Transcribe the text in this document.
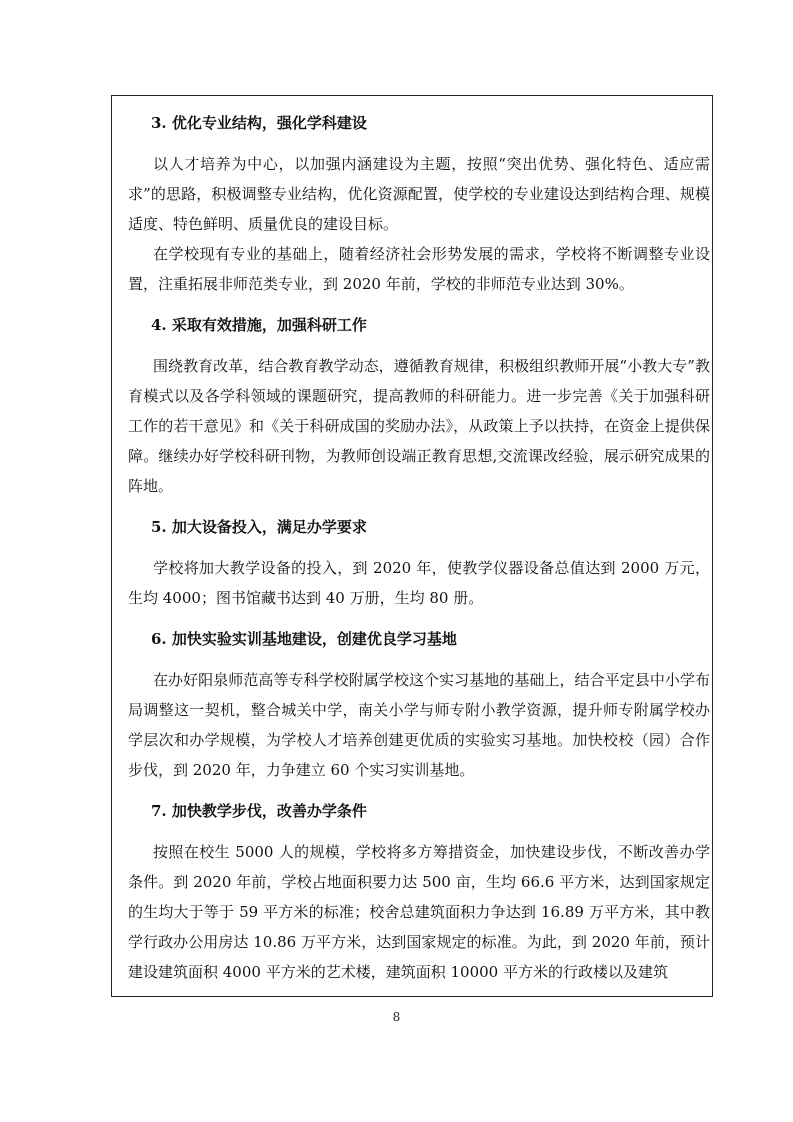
3. 优化专业结构，强化学科建设

以人才培养为中心，以加强内涵建设为主题，按照“突出优势、强化特色、适应需求”的思路，积极调整专业结构，优化资源配置，使学校的专业建设达到结构合理、规模适度、特色鲜明、质量优良的建设目标。

在学校现有专业的基础上，随着经济社会形势发展的需求，学校将不断调整专业设置，注重拓展非师范类专业，到 2020 年前，学校的非师范专业达到 30%。

4. 采取有效措施，加强科研工作

围绕教育改革，结合教育教学动态，遵循教育规律，积极组织教师开展“小教大专”教育模式以及各学科领域的课题研究，提高教师的科研能力。进一步完善《关于加强科研工作的若干意见》和《关于科研成国的奖励办法》，从政策上予以扶持，在资金上提供保障。继续办好学校科研刊物，为教师创设端正教育思想,交流课改经验，展示研究成果的阵地。

5. 加大设备投入，满足办学要求

学校将加大教学设备的投入，到 2020 年，使教学仪器设备总值达到 2000 万元，生均 4000；图书馆藏书达到 40 万册，生均 80 册。

6. 加快实验实训基地建设，创建优良学习基地

在办好阳泉师范高等专科学校附属学校这个实习基地的基础上，结合平定县中小学布局调整这一契机，整合城关中学，南关小学与师专附小教学资源，提升师专附属学校办学层次和办学规模，为学校人才培养创建更优质的实验实习基地。加快校校（园）合作步伐，到 2020 年，力争建立 60 个实习实训基地。

7. 加快教学步伐，改善办学条件

按照在校生 5000 人的规模，学校将多方筹措资金，加快建设步伐，不断改善办学条件。到 2020 年前，学校占地面积要力达 500 亩，生均 66.6 平方米，达到国家规定的生均大于等于 59 平方米的标准；校舍总建筑面积力争达到 16.89 万平方米，其中教学行政办公用房达 10.86 万平方米，达到国家规定的标准。为此，到 2020 年前，预计建设建筑面积 4000 平方米的艺术楼，建筑面积 10000 平方米的行政楼以及建筑

8
